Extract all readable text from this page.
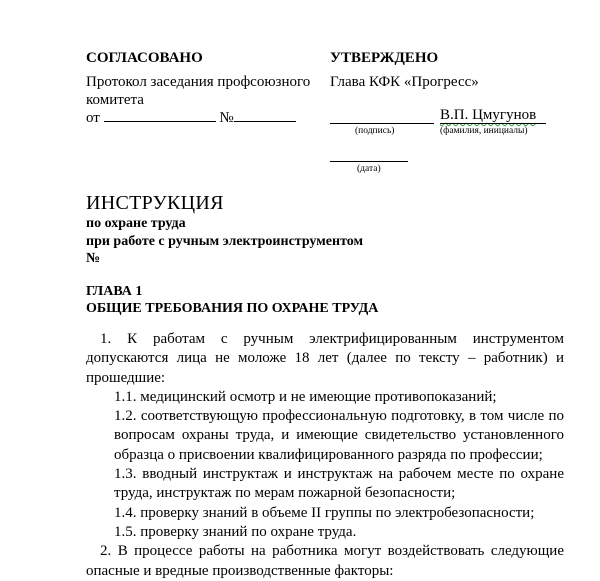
СОГЛАСОВАНО
Протокол заседания профсоюзного
комитета
от	№
УТВЕРЖДЕНО
Глава КФК «Прогресс»
В.П. Цмугунов
(подпись)	(фамилия, инициалы)
(дата)
ИНСТРУКЦИЯ
по охране труда
при работе с ручным электроинструментом
№
ГЛАВА 1
ОБЩИЕ ТРЕБОВАНИЯ ПО ОХРАНЕ ТРУДА
1. К работам с ручным электрифицированным инструментом
допускаются лица не моложе 18 лет (далее по тексту – работник) и
прошедшие:
1.1. медицинский осмотр и не имеющие противопоказаний;
1.2. соответствующую профессиональную подготовку, в том числе по
вопросам охраны труда, и имеющие свидетельство установленного
образца о присвоении квалифицированного разряда по профессии;
1.3. вводный инструктаж и инструктаж на рабочем месте по охране
труда, инструктаж по мерам пожарной безопасности;
1.4. проверку знаний в объеме II группы по электробезопасности;
1.5. проверку знаний по охране труда.
2. В процессе работы на работника могут воздействовать следующие
опасные и вредные производственные факторы:
